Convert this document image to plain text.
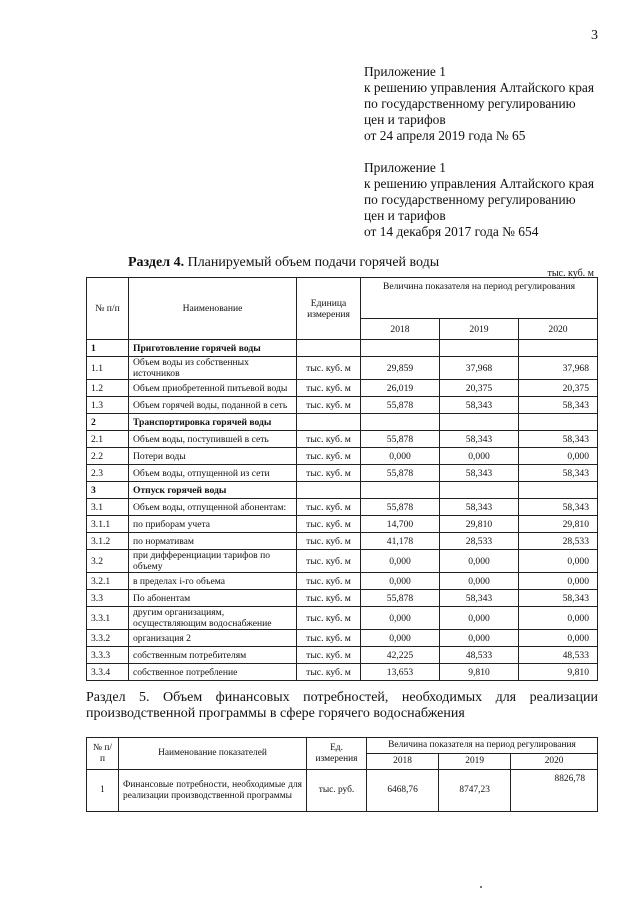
3
Приложение 1
к решению управления Алтайского края
по государственному регулированию
цен и тарифов
от 24 апреля 2019 года № 65
Приложение 1
к решению управления Алтайского края
по государственному регулированию
цен и тарифов
от 14 декабря 2017 года № 654
Раздел 4. Планируемый объем подачи горячей воды
тыс. куб. м
№ п/п	Наименование	Единица измерения	Величина показателя на период регулирования		
			2018	2019	2020
1	Приготовление горячей воды				
1.1	Объем воды из собственных источников	тыс. куб. м	29,859	37,968	37,968
1.2	Объем приобретенной питьевой воды	тыс. куб. м	26,019	20,375	20,375
1.3	Объем горячей воды, поданной в сеть	тыс. куб. м	55,878	58,343	58,343
2	Транспортировка горячей воды				
2.1	Объем воды, поступившей в сеть	тыс. куб. м	55,878	58,343	58,343
2.2	Потери воды	тыс. куб. м	0,000	0,000	0,000
2.3	Объем воды, отпущенной из сети	тыс. куб. м	55,878	58,343	58,343
3	Отпуск горячей воды				
3.1	Объем воды, отпущенной абонентам:	тыс. куб. м	55,878	58,343	58,343
3.1.1	по приборам учета	тыс. куб. м	14,700	29,810	29,810
3.1.2	по нормативам	тыс. куб. м	41,178	28,533	28,533
3.2	при дифференциации тарифов по объему	тыс. куб. м	0,000	0,000	0,000
3.2.1	в пределах i-го объема	тыс. куб. м	0,000	0,000	0,000
3.3	По абонентам	тыс. куб. м	55,878	58,343	58,343
3.3.1	другим организациям, осуществляющим водоснабжение	тыс. куб. м	0,000	0,000	0,000
3.3.2	организация 2	тыс. куб. м	0,000	0,000	0,000
3.3.3	собственным потребителям	тыс. куб. м	42,225	48,533	48,533
3.3.4	собственное потребление	тыс. куб. м	13,653	9,810	9,810
Раздел 5. Объем финансовых потребностей, необходимых для реализации
производственной программы в сфере горячего водоснабжения
№ п/п	Наименование показателей	Ед. измерения	Величина показателя на период регулирования		
			2018	2019	2020
1	Финансовые потребности, необходимые для реализации производственной программы	тыс. руб.	6468,76	8747,23	8826,78
